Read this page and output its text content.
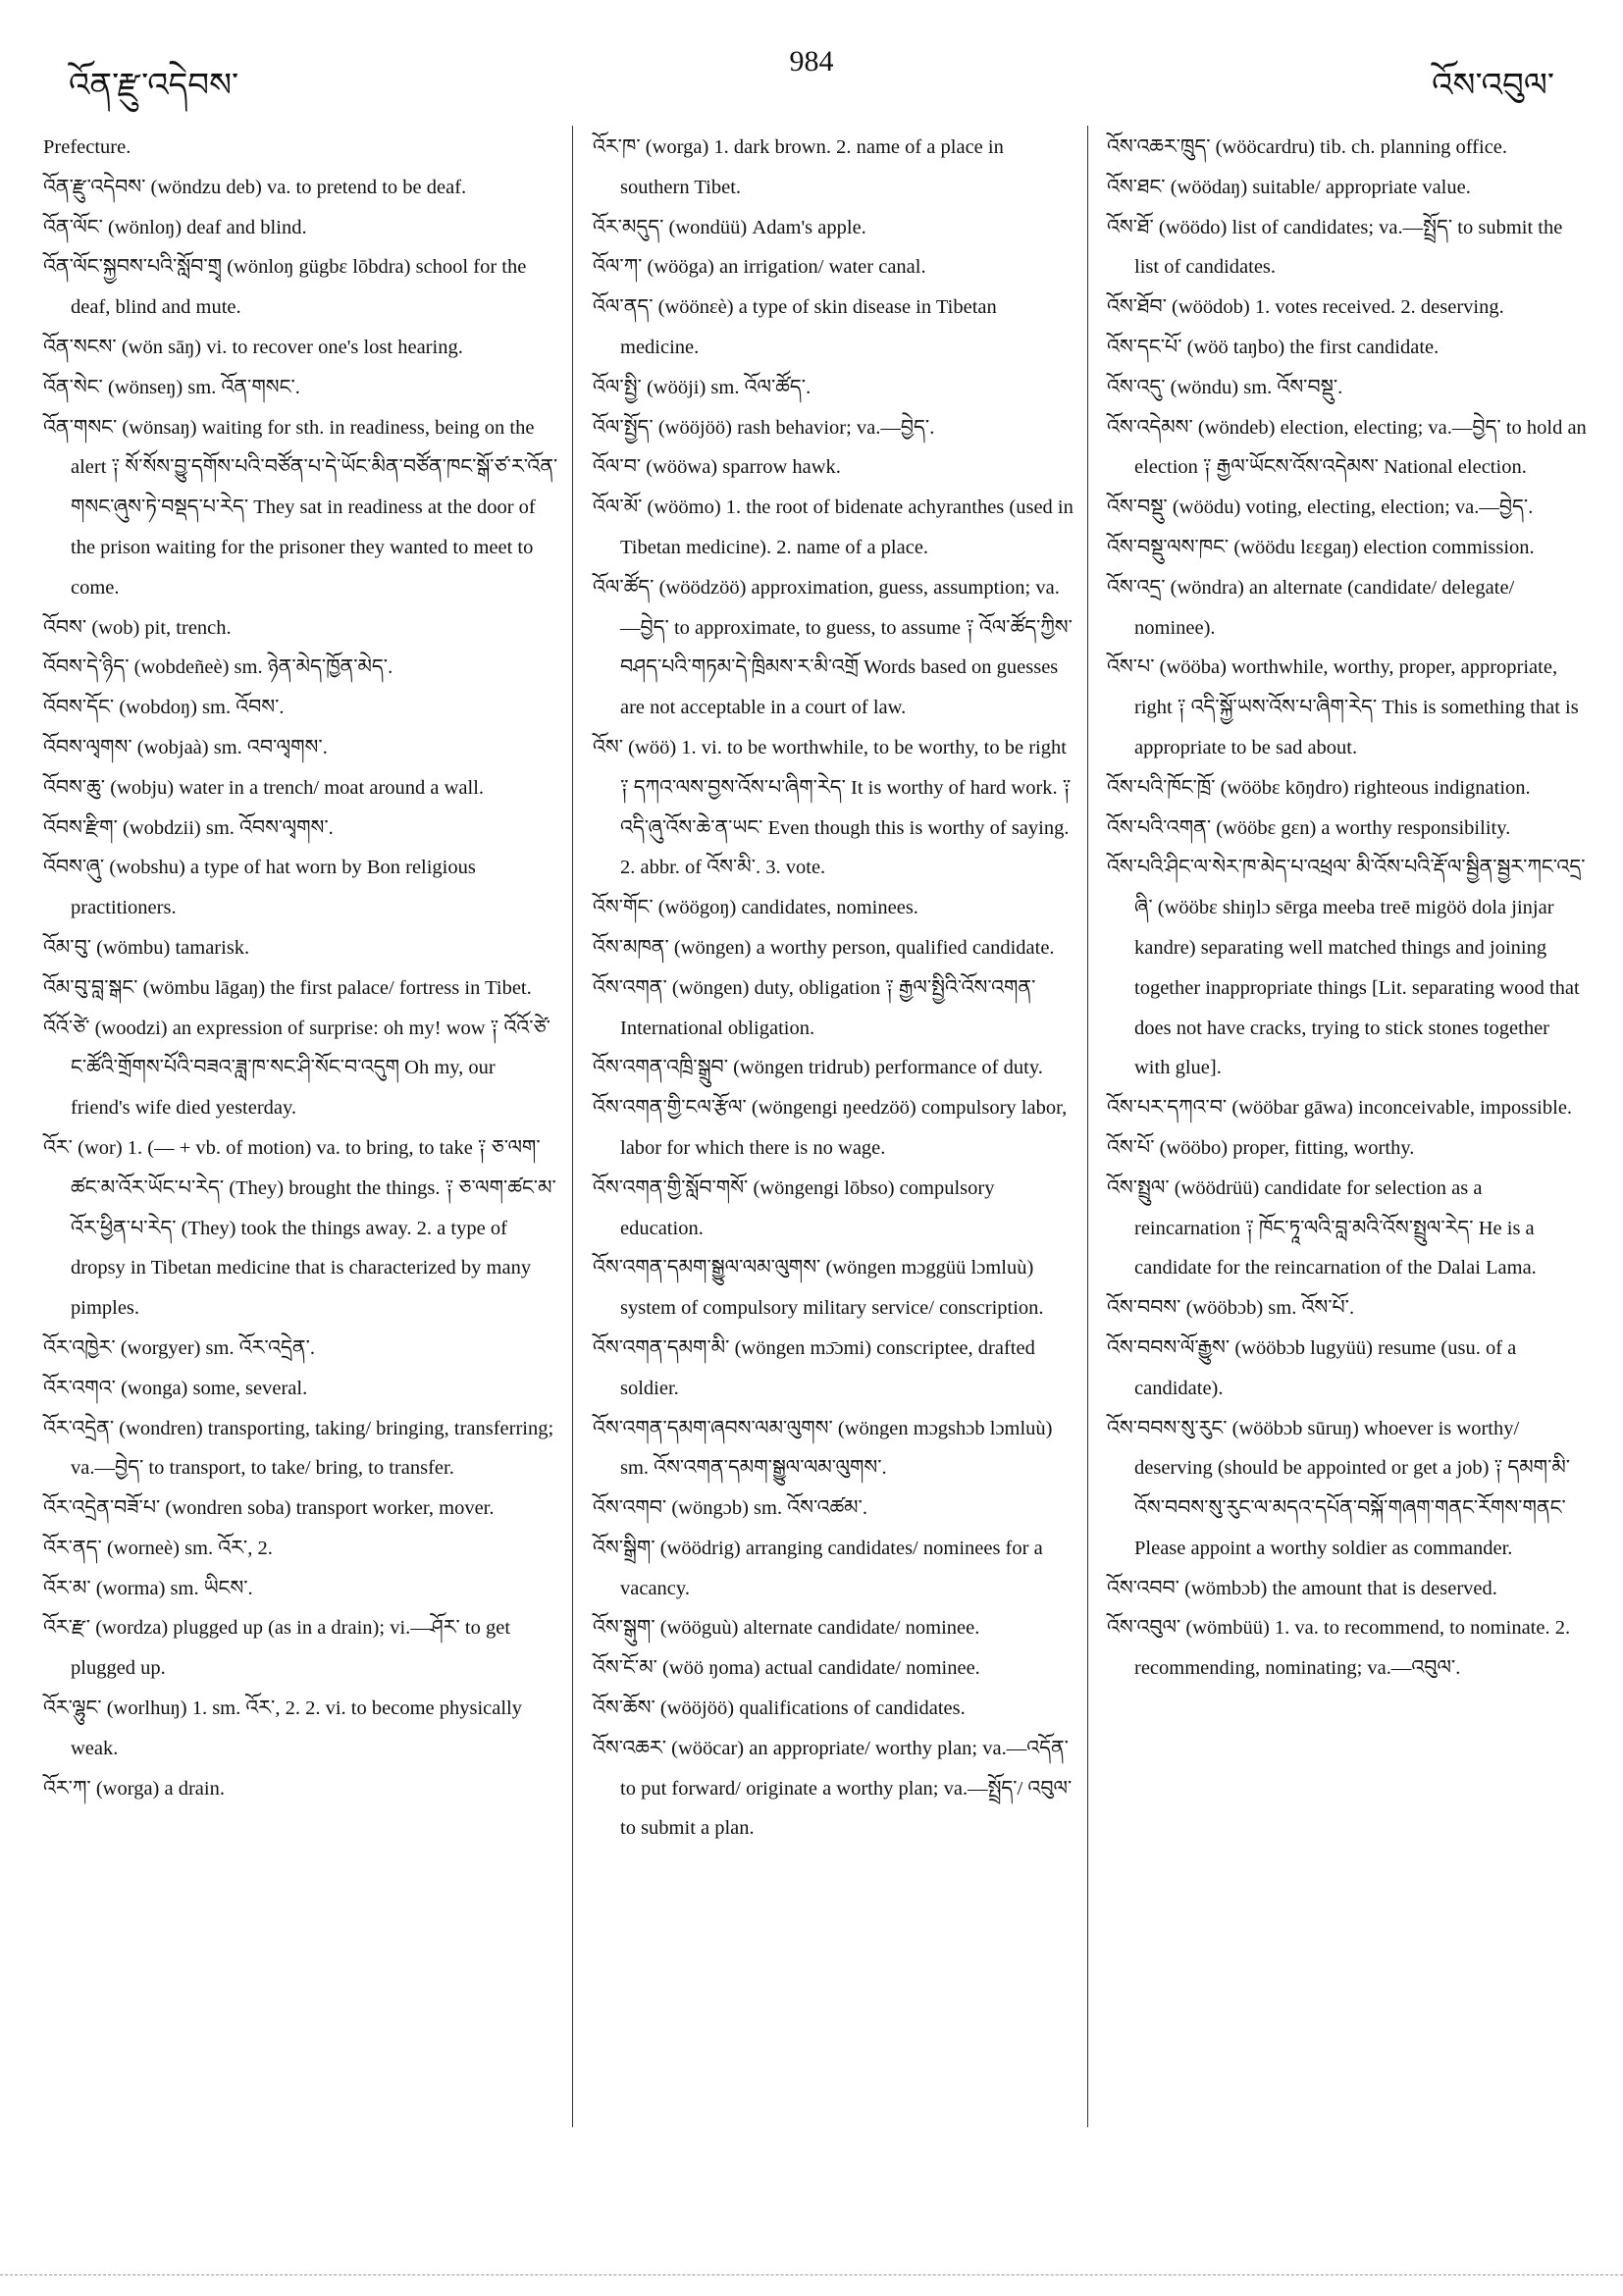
འོན་རྫུ་འདེབས་
984
འོས་འབུལ་

Prefecture.

འོན་རྫུ་འདེབས་ (wöndzu deb) va. to pretend to be deaf.

འོན་ལོང་ (wönloŋ) deaf and blind.

འོན་ལོང་སྐྱབས་པའི་སློབ་གྲྭ (wönloŋ gügbɛ lōbdra) school for the deaf, blind and mute.

འོན་སངས་ (wön sāŋ) vi. to recover one's lost hearing.

འོན་སེང་ (wönseŋ) sm. འོན་གསང་.

འོན་གསང་ (wönsaŋ) waiting for sth. in readiness, being on the alert ༑ སོ་སོས་བྱུ་དགོས་པའི་བཙོན་པ་དེ་ཡོང་མིན་བཙོན་ཁང་སྒོ་ཙ་ར་འོན་གསང་ཞུས་ཏེ་བསྡད་པ་རེད་ They sat in readiness at the door of the prison waiting for the prisoner they wanted to meet to come.

འོབས་ (wob) pit, trench.

འོབས་དེ་ཉིད་ (wobdeñeè) sm. ཉེན་མེད་ཁྱོན་མེད་.

འོབས་དོང་ (wobdoŋ) sm. འོབས་.

འོབས་ལྭགས་ (wobjaà) sm. འབ་ལྭགས་.

འོབས་ཆུ་ (wobju) water in a trench/ moat around a wall.

འོབས་རྫིག་ (wobdzii) sm. འོབས་ལྭགས་.

འོབས་ཞུ་ (wobshu) a type of hat worn by Bon religious practitioners.

འོམ་བུ་ (wömbu) tamarisk.

འོམ་བུ་བླ་སྒང་ (wömbu lāgaŋ) the first palace/ fortress in Tibet.

འོའོ་ཙེ་ (woodzi) an expression of surprise: oh my! wow ༑ འོའོ་ཙེ་ ང་ཚོའི་གྲོགས་པོའི་བཟའ་ཟླ་ཁ་སང་ཤི་སོང་བ་འདུག Oh my, our friend's wife died yesterday.

འོར་ (wor) 1. (— + vb. of motion) va. to bring, to take ༑ ཅ་ལག་ཚང་མ་འོར་ཡོང་པ་རེད་ (They) brought the things. ༑ ཅ་ལག་ཚང་མ་འོར་ཕྱིན་པ་རེད་ (They) took the things away. 2. a type of dropsy in Tibetan medicine that is characterized by many pimples.

འོར་འཁྱེར་ (worgyer) sm. འོར་འདྲེན་.

འོར་འགའ་ (wonga) some, several.

འོར་འདྲེན་ (wondren) transporting, taking/ bringing, transferring; va.—བྱེད་ to transport, to take/ bring, to transfer.

འོར་འདྲེན་བཟོ་པ་ (wondren soba) transport worker, mover.

འོར་ནད་ (worneè) sm. འོར་, 2.

འོར་མ་ (worma) sm. ཡིངས་.

འོར་རྫ་ (wordza) plugged up (as in a drain); vi.—ཤོར་ to get plugged up.

འོར་ལྷུང་ (worlhuŋ) 1. sm. འོར་, 2. 2. vi. to become physically weak.

འོར་ཀ་ (worga) a drain.

འོར་ཁ་ (worga) 1. dark brown. 2. name of a place in southern Tibet.

འོར་མདུད་ (wondüü) Adam's apple.

འོལ་ཀ་ (wööga) an irrigation/ water canal.

འོལ་ནད་ (wöönɛè) a type of skin disease in Tibetan medicine.

འོལ་སྤྱི་ (wööji) sm. འོལ་ཚོད་.

འོལ་སྤྱོད་ (wööjöö) rash behavior; va.—བྱེད་.

འོལ་བ་ (wööwa) sparrow hawk.

འོལ་མོ་ (wöömo) 1. the root of bidenate achyranthes (used in Tibetan medicine). 2. name of a place.

འོལ་ཚོད་ (wöödzöö) approximation, guess, assumption; va.—བྱེད་ to approximate, to guess, to assume ༑ འོལ་ཚོད་ཀྱིས་བཤད་པའི་གཏམ་དེ་ཁྲིམས་ར་མི་འགྲོ Words based on guesses are not acceptable in a court of law.

འོས་ (wöö) 1. vi. to be worthwhile, to be worthy, to be right ༑ དཀའ་ལས་བྱས་འོས་པ་ཞིག་རེད་ It is worthy of hard work. ༑ འདི་ཞུ་འོས་ཆེ་ན་ཡང་ Even though this is worthy of saying. 2. abbr. of འོས་མི་. 3. vote.

འོས་གོང་ (wöögoŋ) candidates, nominees.

འོས་མཁན་ (wöngen) a worthy person, qualified candidate.

འོས་འགན་ (wöngen) duty, obligation ༑ རྒྱལ་སྤྱིའི་འོས་འགན་ International obligation.

འོས་འགན་འཁྲི་སྒྲུབ་ (wöngen tridrub) performance of duty.

འོས་འགན་གྱི་ངལ་རྩོལ་ (wöngengi ŋeedzöö) compulsory labor, labor for which there is no wage.

འོས་འགན་གྱི་སློབ་གསོ་ (wöngengi lōbso) compulsory education.

འོས་འགན་དམག་སྒྱུལ་ལམ་ལུགས་ (wöngen mɔggüü lɔmluù) system of compulsory military service/ conscription.

འོས་འགན་དམག་མི་ (wöngen mɔ̄ɔmi) conscriptee, drafted soldier.

འོས་འགན་དམག་ཞབས་ལམ་ལུགས་ (wöngen mɔgshɔb lɔmluù) sm. འོས་འགན་དམག་སྒྱུལ་ལམ་ལུགས་.

འོས་འགབ་ (wöngɔb) sm. འོས་འཚམ་.

འོས་སྒྲིག་ (wöödrig) arranging candidates/ nominees for a vacancy.

འོས་སྒུག་ (wööguù) alternate candidate/ nominee.

འོས་ངོ་མ་ (wöö ŋoma) actual candidate/ nominee.

འོས་ཆོས་ (wööjöö) qualifications of candidates.

འོས་འཆར་ (wööcar) an appropriate/ worthy plan; va.—འདོན་ to put forward/ originate a worthy plan; va.—སྤྲོད་/ འབུལ་ to submit a plan.

འོས་འཆར་ཁྲུད་ (wööcardru) tib. ch. planning office.

འོས་ཐང་ (wöödaŋ) suitable/ appropriate value.

འོས་ཐོ་ (wöödo) list of candidates; va.—སྤྲོད་ to submit the list of candidates.

འོས་ཐོབ་ (wöödob) 1. votes received. 2. deserving.

འོས་དང་པོ་ (wöö taŋbo) the first candidate.

འོས་འདུ་ (wöndu) sm. འོས་བསྡུ་.

འོས་འདེམས་ (wöndeb) election, electing; va.—བྱེད་ to hold an election ༑ རྒྱལ་ཡོངས་འོས་འདེམས་ National election.

འོས་བསྡུ་ (wöödu) voting, electing, election; va.—བྱེད་.

འོས་བསྡུ་ལས་ཁང་ (wöödu lɛɛgaŋ) election commission.

འོས་འདྲ་ (wöndra) an alternate (candidate/ delegate/ nominee).

འོས་པ་ (wööba) worthwhile, worthy, proper, appropriate, right ༑ འདི་སྐྱོ་ཡས་འོས་པ་ཞིག་རེད་ This is something that is appropriate to be sad about.

འོས་པའི་ཁོང་ཁྲོ་ (wööbɛ kōŋdro) righteous indignation.

འོས་པའི་འགན་ (wööbɛ gɛn) a worthy responsibility.

འོས་པའི་ཤིང་ལ་སེར་ཁ་མེད་པ་འཕྲལ་ མི་འོས་པའི་རྡོ་ལ་སྦྱིན་སྦྱར་ཀང་འདྲ་ཞི་ (wööbɛ shiŋlɔ sērga meeba treē migöö dola jinjar kandre) separating well matched things and joining together inappropriate things [Lit. separating wood that does not have cracks, trying to stick stones together with glue].

འོས་པར་དཀའ་བ་ (wööbar gāwa) inconceivable, impossible.

འོས་པོ་ (wööbo) proper, fitting, worthy.

འོས་སྤྲུལ་ (wöödrüü) candidate for selection as a reincarnation ༑ ཁོང་ཏཱ་ལའི་བླ་མའི་འོས་སྤྲུལ་རེད་ He is a candidate for the reincarnation of the Dalai Lama.

འོས་བབས་ (wööbɔb) sm. འོས་པོ་.

འོས་བབས་ལོ་རྒྱུས་ (wööbɔb lugyüü) resume (usu. of a candidate).

འོས་བབས་སུ་རུང་ (wööbɔb sūruŋ) whoever is worthy/ deserving (should be appointed or get a job) ༑ དམག་མི་འོས་བབས་སུ་རུང་ལ་མདའ་དཔོན་བསྐོ་གཞག་གནང་རོགས་གནང་ Please appoint a worthy soldier as commander.

འོས་འབབ་ (wömbɔb) the amount that is deserved.

འོས་འབུལ་ (wömbüü) 1. va. to recommend, to nominate. 2. recommending, nominating; va.—འབུལ་.
